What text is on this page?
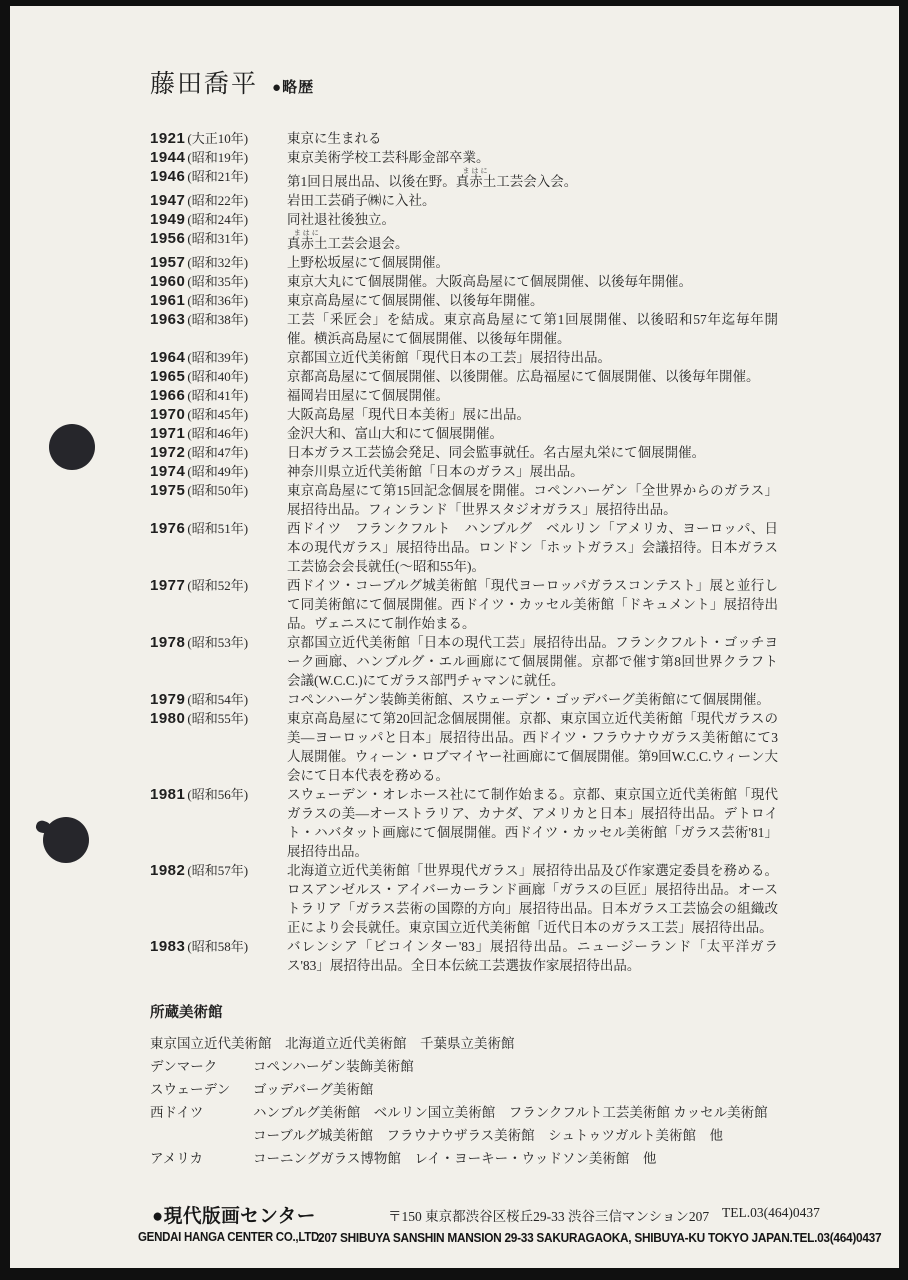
藤田喬平 ●略歴
1921 (大正10年)	東京に生まれる
1944 (昭和19年)	東京美術学校工芸科彫金部卒業。
1946 (昭和21年)	第1回日展出品、以後在野。真赤土まはに工芸会入会。
1947 (昭和22年)	岩田工芸硝子㈱に入社。
1949 (昭和24年)	同社退社後独立。
1956 (昭和31年)	真赤土まはに工芸会退会。
1957 (昭和32年)	上野松坂屋にて個展開催。
1960 (昭和35年)	東京大丸にて個展開催。大阪高島屋にて個展開催、以後毎年開催。
1961 (昭和36年)	東京高島屋にて個展開催、以後毎年開催。
1963 (昭和38年)	工芸「釆匠会」を結成。東京高島屋にて第1回展開催、以後昭和57年迄毎年開催。横浜高島屋にて個展開催、以後毎年開催。
1964 (昭和39年)	京都国立近代美術館「現代日本の工芸」展招待出品。
1965 (昭和40年)	京都高島屋にて個展開催、以後開催。広島福屋にて個展開催、以後毎年開催。
1966 (昭和41年)	福岡岩田屋にて個展開催。
1970 (昭和45年)	大阪高島屋「現代日本美術」展に出品。
1971 (昭和46年)	金沢大和、富山大和にて個展開催。
1972 (昭和47年)	日本ガラス工芸協会発足、同会監事就任。名古屋丸栄にて個展開催。
1974 (昭和49年)	神奈川県立近代美術館「日本のガラス」展出品。
1975 (昭和50年)	東京高島屋にて第15回記念個展を開催。コペンハーゲン「全世界からのガラス」展招待出品。フィンランド「世界スタジオガラス」展招待出品。
1976 (昭和51年)	西ドイツ　フランクフルト　ハンブルグ　ベルリン「アメリカ、ヨーロッパ、日本の現代ガラス」展招待出品。ロンドン「ホットガラス」会議招待。日本ガラス工芸協会会長就任(～昭和55年)。
1977 (昭和52年)	西ドイツ・コーブルグ城美術館「現代ヨーロッパガラスコンテスト」展と並行して同美術館にて個展開催。西ドイツ・カッセル美術館「ドキュメント」展招待出品。ヴェニスにて制作始まる。
1978 (昭和53年)	京都国立近代美術館「日本の現代工芸」展招待出品。フランクフルト・ゴッチヨーク画廊、ハンブルグ・エル画廊にて個展開催。京都で催す第8回世界クラフト会議(W.C.C.)にてガラス部門チャマンに就任。
1979 (昭和54年)	コペンハーゲン装飾美術館、スウェーデン・ゴッデバーグ美術館にて個展開催。
1980 (昭和55年)	東京高島屋にて第20回記念個展開催。京都、東京国立近代美術館「現代ガラスの美―ヨーロッパと日本」展招待出品。西ドイツ・フラウナウガラス美術館にて3人展開催。ウィーン・ロブマイヤー社画廊にて個展開催。第9回W.C.C.ウィーン大会にて日本代表を務める。
1981 (昭和56年)	スウェーデン・オレホース社にて制作始まる。京都、東京国立近代美術館「現代ガラスの美―オーストラリア、カナダ、アメリカと日本」展招待出品。デトロイト・ハバタット画廊にて個展開催。西ドイツ・カッセル美術館「ガラス芸術'81」展招待出品。
1982 (昭和57年)	北海道立近代美術館「世界現代ガラス」展招待出品及び作家選定委員を務める。ロスアンゼルス・アイバーカーランド画廊「ガラスの巨匠」展招待出品。オーストラリア「ガラス芸術の国際的方向」展招待出品。日本ガラス工芸協会の組織改正により会長就任。東京国立近代美術館「近代日本のガラス工芸」展招待出品。
1983 (昭和58年)	バレンシア「ビコインター'83」展招待出品。ニュージーランド「太平洋ガラス'83」展招待出品。全日本伝統工芸選抜作家展招待出品。
所蔵美術館
東京国立近代美術館　北海道立近代美術館　千葉県立美術館
デンマーク	コペンハーゲン装飾美術館
スウェーデン	ゴッデバーグ美術館
西ドイツ	ハンブルグ美術館　ベルリン国立美術館　フランクフルト工芸美術館 カッセル美術館　コーブルグ城美術館　フラウナウザラス美術館　シュトゥツガルト美術館　他
アメリカ	コーニングガラス博物館　レイ・ヨーキー・ウッドソン美術館　他
●現代版画センター
GENDAI HANGA CENTER CO.,LTD.
〒150 東京都渋谷区桜丘29-33 渋谷三信マンション207 TEL.03(464)0437
207 SHIBUYA SANSHIN MANSION 29-33 SAKURAGAOKA, SHIBUYA-KU TOKYO JAPAN.TEL.03(464)0437
